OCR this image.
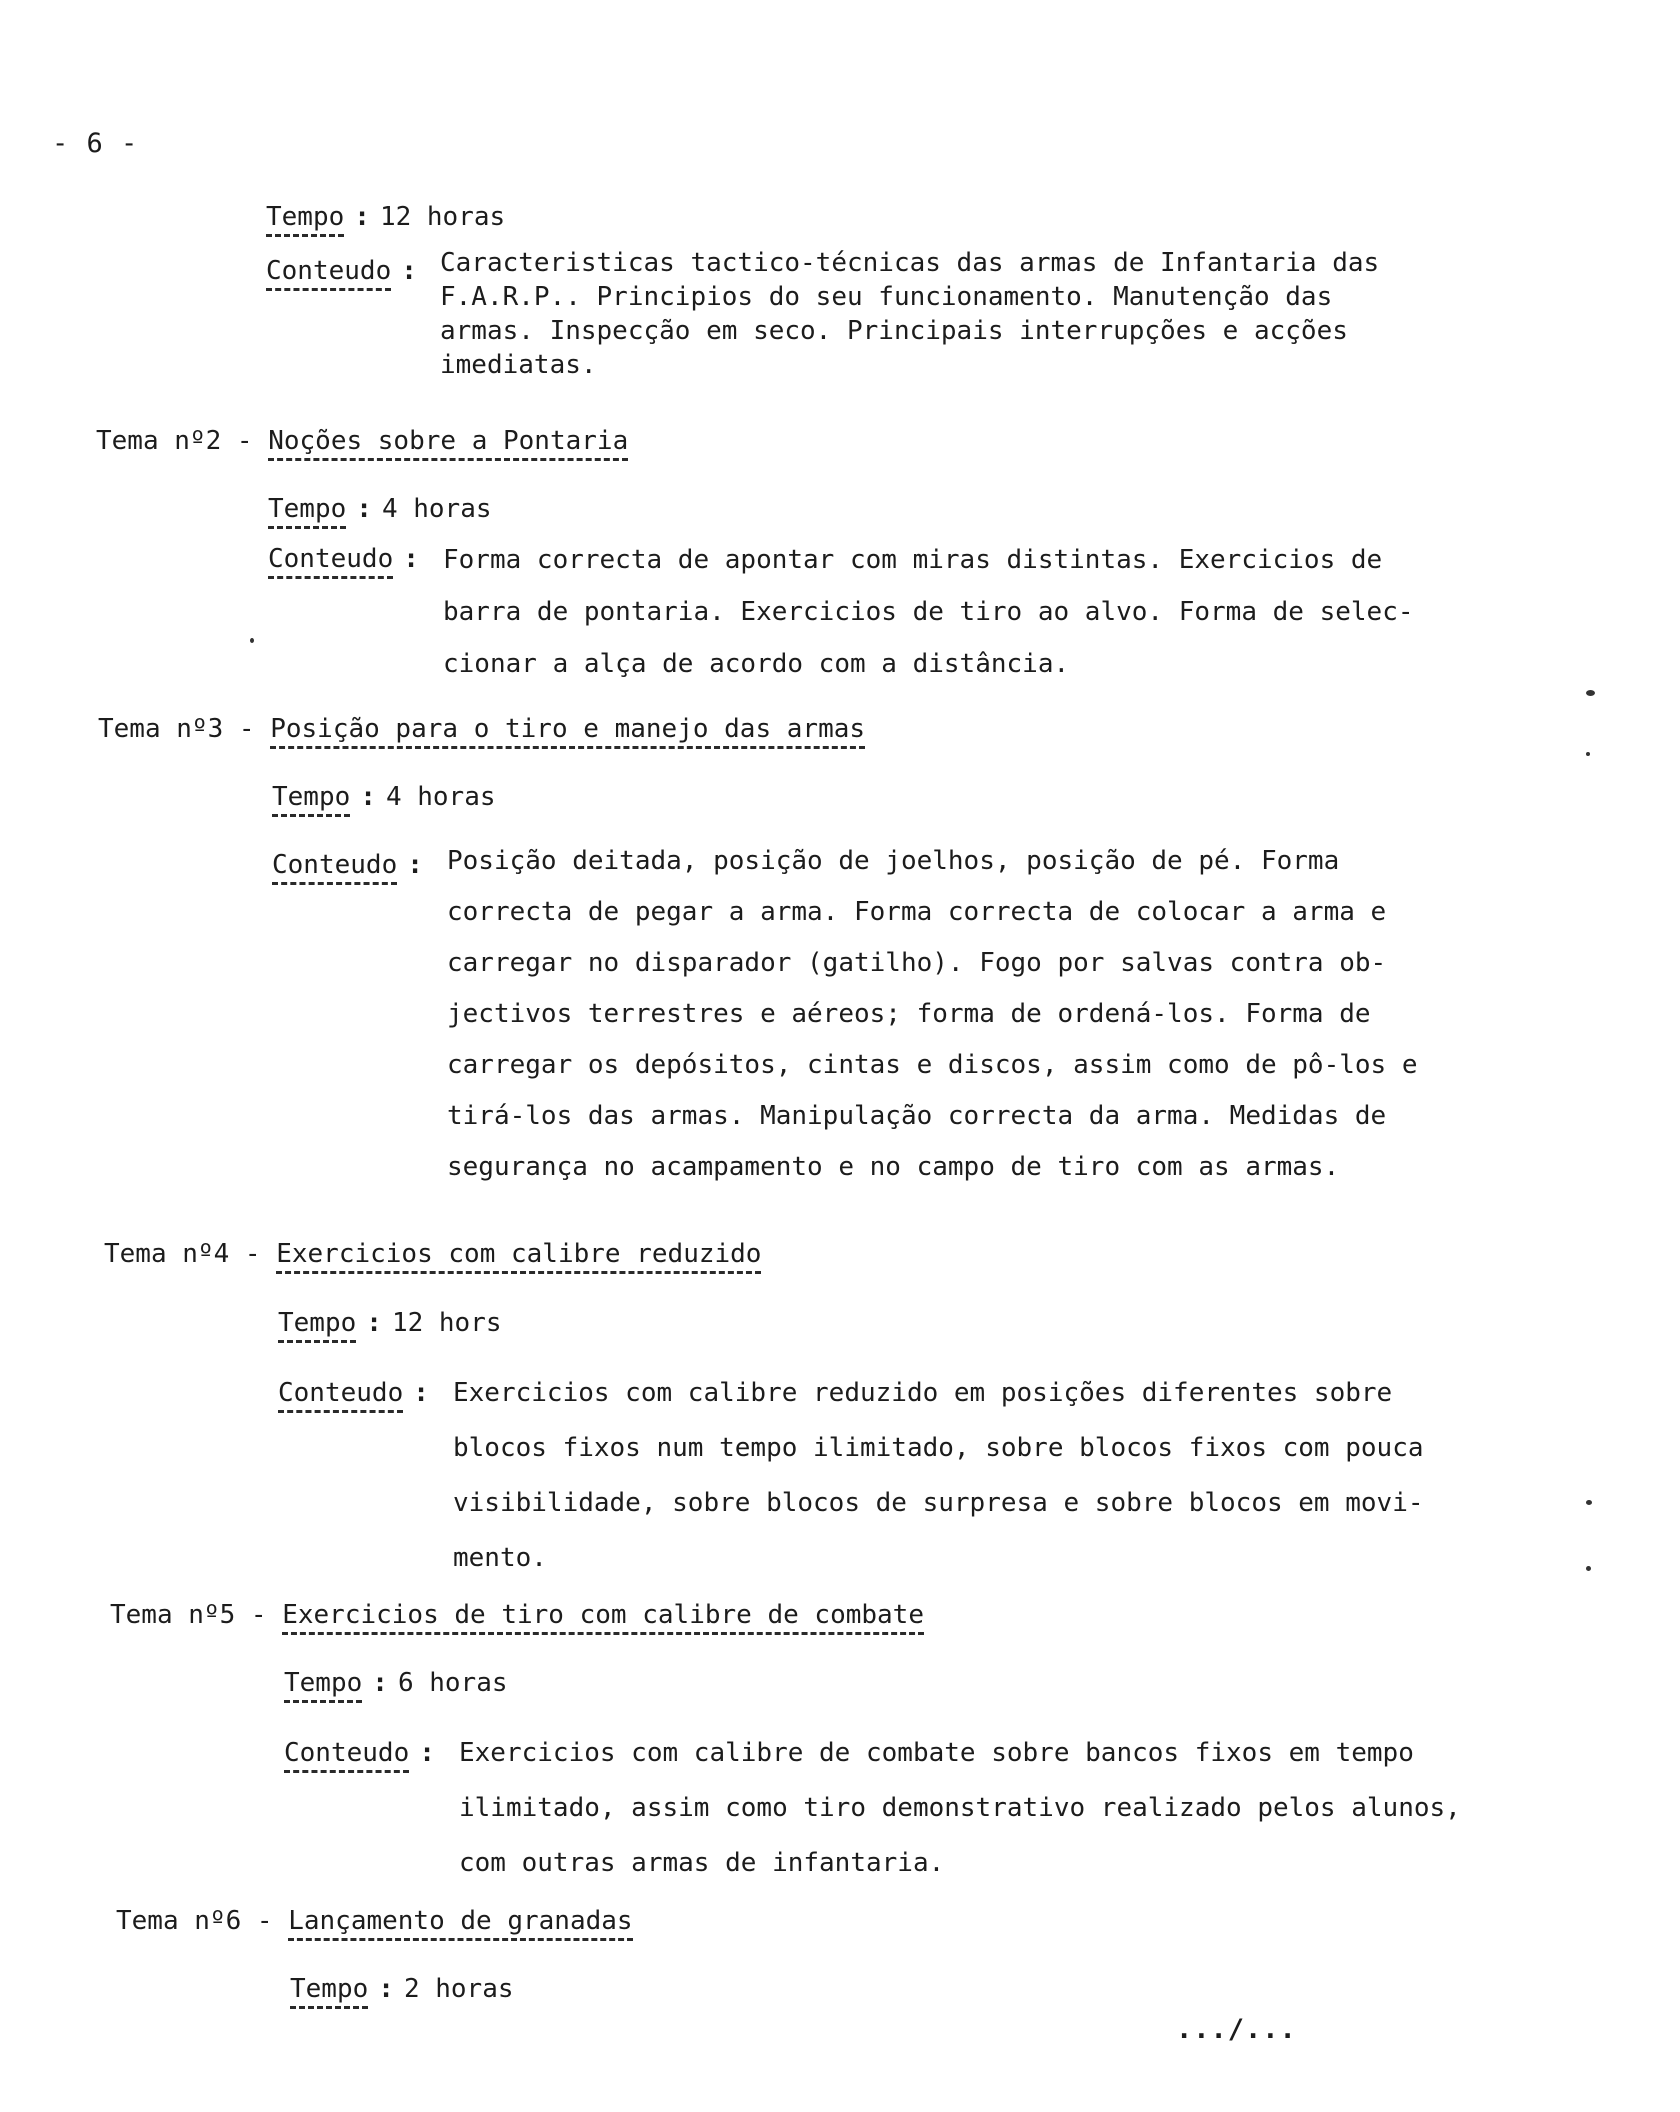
- 6 -
Tempo : 12 horas
Conteudo : Caracteristicas tactico-técnicas das armas de Infantaria das
F.A.R.P.. Principios do seu funcionamento. Manutenção das
armas. Inspecção em seco. Principais interrupções e acções
imediatas.
Tema nº2 - Noções sobre a Pontaria
Tempo : 4 horas
Conteudo : Forma correcta de apontar com miras distintas. Exercicios de
barra de pontaria. Exercicios de tiro ao alvo. Forma de selec-
cionar a alça de acordo com a distância.
Tema nº3 - Posição para o tiro e manejo das armas
Tempo : 4 horas
Conteudo : Posição deitada, posição de joelhos, posição de pé. Forma
correcta de pegar a arma. Forma correcta de colocar a arma e
carregar no disparador (gatilho). Fogo por salvas contra ob-
jectivos terrestres e aéreos; forma de ordená-los. Forma de
carregar os depósitos, cintas e discos, assim como de pô-los e
tirá-los das armas. Manipulação correcta da arma. Medidas de
segurança no acampamento e no campo de tiro com as armas.
Tema nº4 - Exercicios com calibre reduzido
Tempo : 12 hors
Conteudo : Exercicios com calibre reduzido em posições diferentes sobre
blocos fixos num tempo ilimitado, sobre blocos fixos com pouca
visibilidade, sobre blocos de surpresa e sobre blocos em movi-
mento.
Tema nº5 - Exercicios de tiro com calibre de combate
Tempo : 6 horas
Conteudo : Exercicios com calibre de combate sobre bancos fixos em tempo
ilimitado, assim como tiro demonstrativo realizado pelos alunos,
com outras armas de infantaria.
Tema nº6 - Lançamento de granadas
Tempo : 2 horas
.../...
